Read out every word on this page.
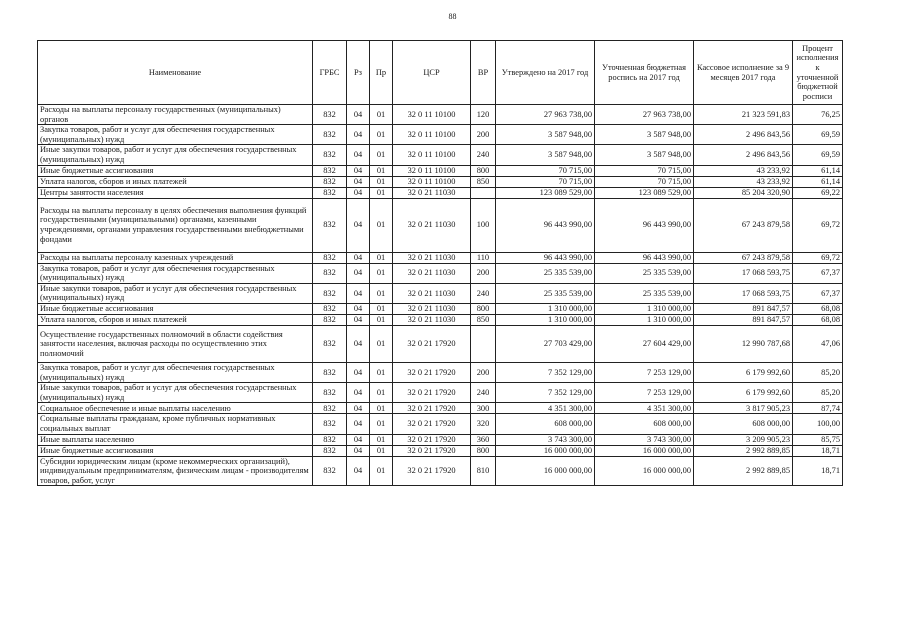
88
Наименование	ГРБС	Рз	Пр	ЦСР	ВР	Утверждено на 2017 год	Уточненная бюджетная роспись на 2017 год	Кассовое исполнение за 9 месяцев 2017 года	Процент исполнения к уточненной бюджетной росписи
Расходы на выплаты персоналу государственных (муниципальных) органов	832	04	01	32 0 11 10100	120	27 963 738,00	27 963 738,00	21 323 591,83	76,25
Закупка товаров, работ и услуг для обеспечения государственных (муниципальных) нужд	832	04	01	32 0 11 10100	200	3 587 948,00	3 587 948,00	2 496 843,56	69,59
Иные закупки товаров, работ и услуг для обеспечения государственных (муниципальных) нужд	832	04	01	32 0 11 10100	240	3 587 948,00	3 587 948,00	2 496 843,56	69,59
Иные бюджетные ассигнования	832	04	01	32 0 11 10100	800	70 715,00	70 715,00	43 233,92	61,14
Уплата налогов, сборов и иных платежей	832	04	01	32 0 11 10100	850	70 715,00	70 715,00	43 233,92	61,14
Центры занятости населения	832	04	01	32 0 21 11030		123 089 529,00	123 089 529,00	85 204 320,90	69,22
Расходы на выплаты персоналу в целях обеспечения выполнения функций государственными (муниципальными) органами, казенными учреждениями, органами управления государственными внебюджетными фондами	832	04	01	32 0 21 11030	100	96 443 990,00	96 443 990,00	67 243 879,58	69,72
Расходы на выплаты персоналу казенных учреждений	832	04	01	32 0 21 11030	110	96 443 990,00	96 443 990,00	67 243 879,58	69,72
Закупка товаров, работ и услуг для обеспечения государственных (муниципальных) нужд	832	04	01	32 0 21 11030	200	25 335 539,00	25 335 539,00	17 068 593,75	67,37
Иные закупки товаров, работ и услуг для обеспечения государственных (муниципальных) нужд	832	04	01	32 0 21 11030	240	25 335 539,00	25 335 539,00	17 068 593,75	67,37
Иные бюджетные ассигнования	832	04	01	32 0 21 11030	800	1 310 000,00	1 310 000,00	891 847,57	68,08
Уплата налогов, сборов и иных платежей	832	04	01	32 0 21 11030	850	1 310 000,00	1 310 000,00	891 847,57	68,08
Осуществление государственных полномочий в области содействия занятости населения, включая расходы по осуществлению этих полномочий	832	04	01	32 0 21 17920		27 703 429,00	27 604 429,00	12 990 787,68	47,06
Закупка товаров, работ и услуг для обеспечения государственных (муниципальных) нужд	832	04	01	32 0 21 17920	200	7 352 129,00	7 253 129,00	6 179 992,60	85,20
Иные закупки товаров, работ и услуг для обеспечения государственных (муниципальных) нужд	832	04	01	32 0 21 17920	240	7 352 129,00	7 253 129,00	6 179 992,60	85,20
Социальное обеспечение и иные выплаты населению	832	04	01	32 0 21 17920	300	4 351 300,00	4 351 300,00	3 817 905,23	87,74
Социальные выплаты гражданам, кроме публичных нормативных социальных выплат	832	04	01	32 0 21 17920	320	608 000,00	608 000,00	608 000,00	100,00
Иные выплаты населению	832	04	01	32 0 21 17920	360	3 743 300,00	3 743 300,00	3 209 905,23	85,75
Иные бюджетные ассигнования	832	04	01	32 0 21 17920	800	16 000 000,00	16 000 000,00	2 992 889,85	18,71
Субсидии юридическим лицам (кроме некоммерческих организаций), индивидуальным предпринимателям, физическим лицам - производителям товаров, работ, услуг	832	04	01	32 0 21 17920	810	16 000 000,00	16 000 000,00	2 992 889,85	18,71
